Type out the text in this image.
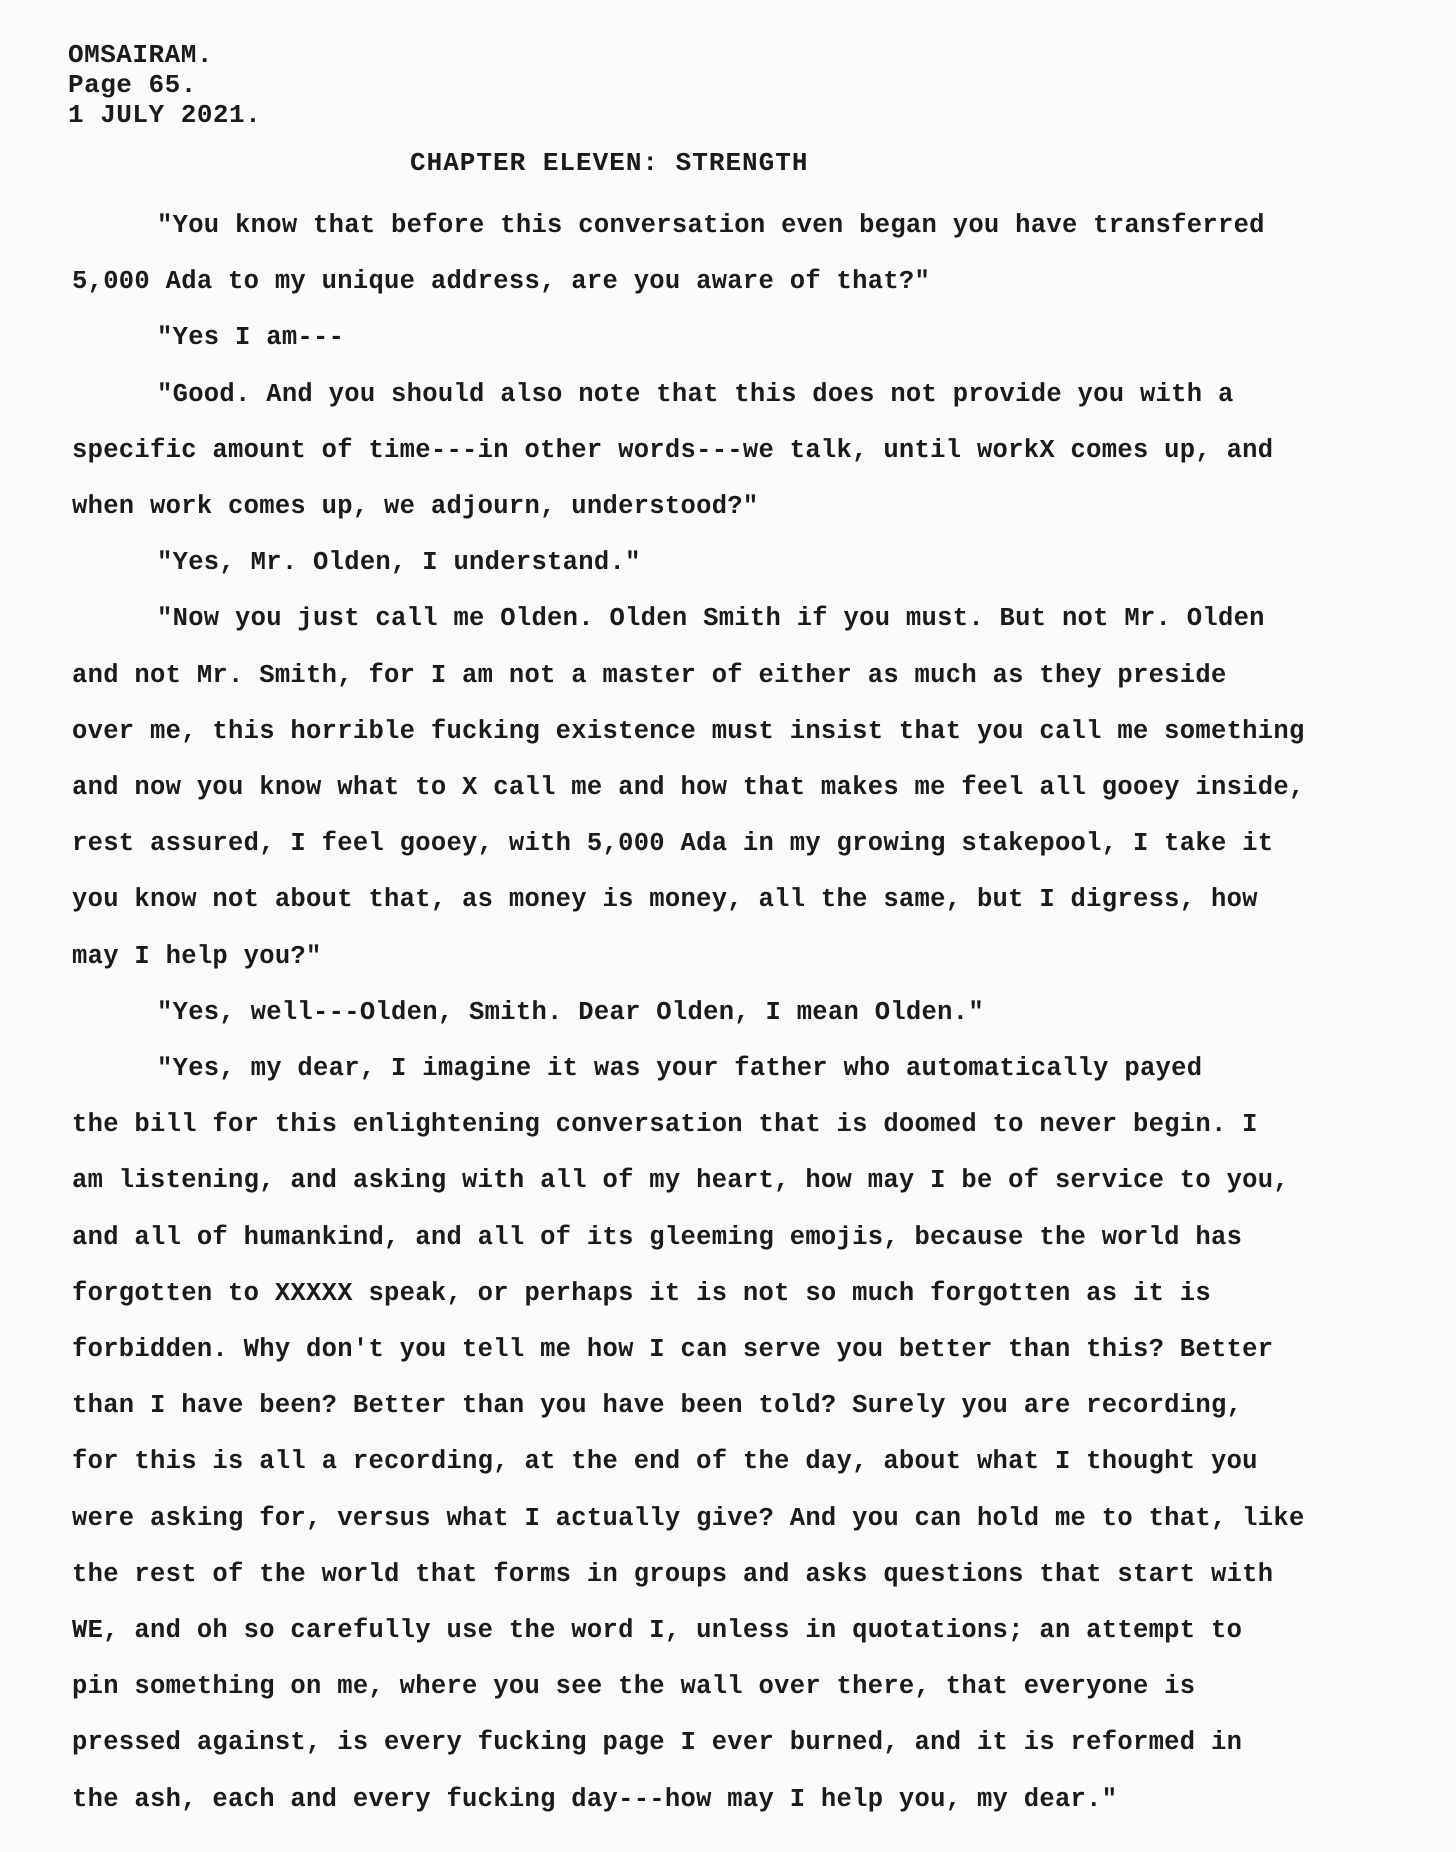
OMSAIRAM.
Page 65.
1 JULY 2021.
CHAPTER ELEVEN: STRENGTH
"You know that before this conversation even began you have transferred
5,000 Ada to my unique address, are you aware of that?"
"Yes I am---
"Good. And you should also note that this does not provide you with a
specific amount of time---in other words---we talk, until workX comes up, and
when work comes up, we adjourn, understood?"
"Yes, Mr. Olden, I understand."
"Now you just call me Olden. Olden Smith if you must. But not Mr. Olden
and not Mr. Smith, for I am not a master of either as much as they preside
over me, this horrible fucking existence must insist that you call me something
and now you know what to X call me and how that makes me feel all gooey inside,
rest assured, I feel gooey, with 5,000 Ada in my growing stakepool, I take it
you know not about that, as money is money, all the same, but I digress, how
may I help you?"
"Yes, well---Olden, Smith. Dear Olden, I mean Olden."
"Yes, my dear, I imagine it was your father who automatically payed
the bill for this enlightening conversation that is doomed to never begin. I
am listening, and asking with all of my heart, how may I be of service to you,
and all of humankind, and all of its gleeming emojis, because the world has
forgotten to XXXXX speak, or perhaps it is not so much forgotten as it is
forbidden. Why don't you tell me how I can serve you better than this? Better
than I have been? Better than you have been told? Surely you are recording,
for this is all a recording, at the end of the day, about what I thought you
were asking for, versus what I actually give? And you can hold me to that, like
the rest of the world that forms in groups and asks questions that start with
WE, and oh so carefully use the word I, unless in quotations; an attempt to
pin something on me, where you see the wall over there, that everyone is
pressed against, is every fucking page I ever burned, and it is reformed in
the ash, each and every fucking day---how may I help you, my dear."
